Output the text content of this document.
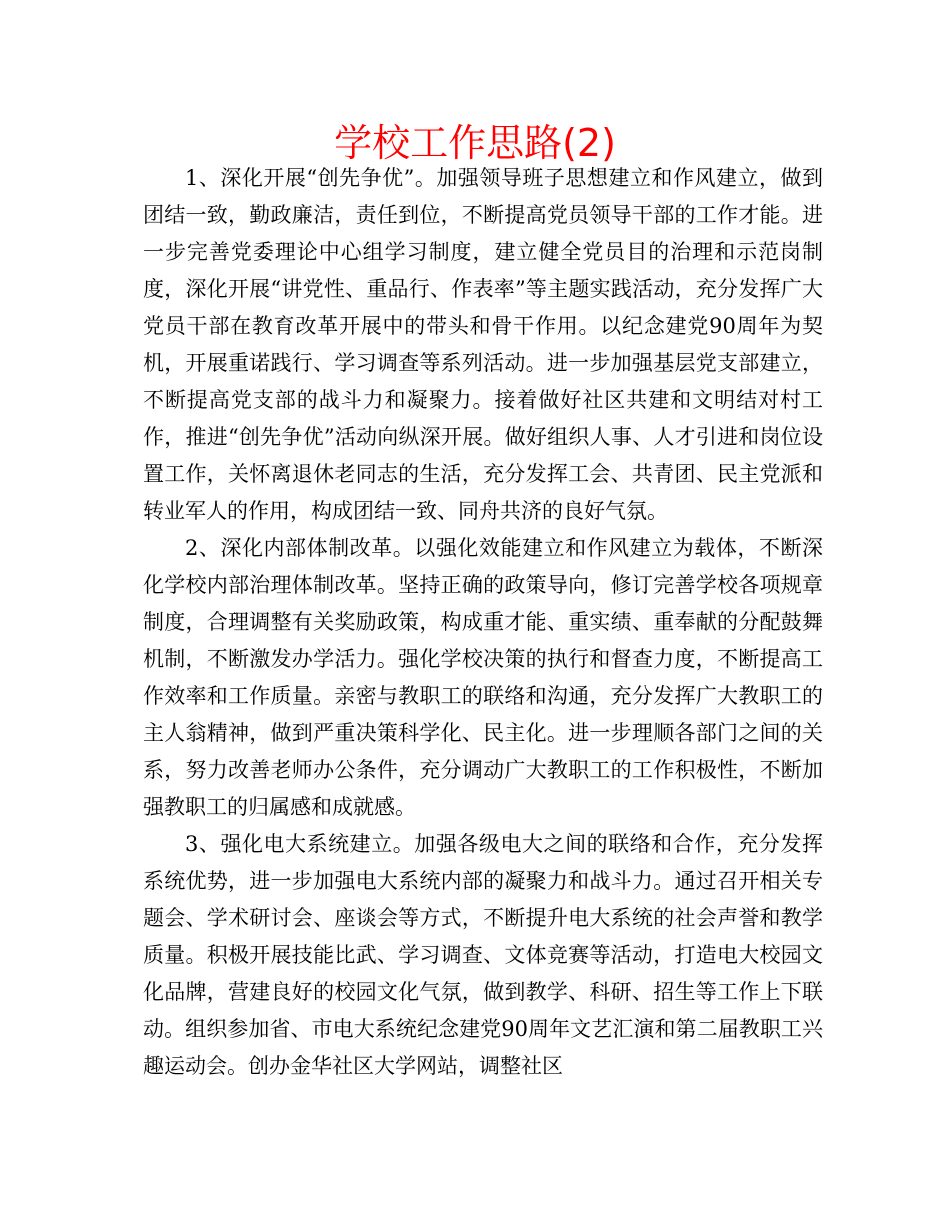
学校工作思路(2)

1、深化开展“创先争优”。加强领导班子思想建立和作风建立，做到团结一致，勤政廉洁，责任到位，不断提高党员领导干部的工作才能。进一步完善党委理论中心组学习制度，建立健全党员目的治理和示范岗制度，深化开展“讲党性、重品行、作表率”等主题实践活动，充分发挥广大党员干部在教育改革开展中的带头和骨干作用。以纪念建党90周年为契机，开展重诺践行、学习调查等系列活动。进一步加强基层党支部建立，不断提高党支部的战斗力和凝聚力。接着做好社区共建和文明结对村工作，推进“创先争优”活动向纵深开展。做好组织人事、人才引进和岗位设置工作，关怀离退休老同志的生活，充分发挥工会、共青团、民主党派和转业军人的作用，构成团结一致、同舟共济的良好气氛。

2、深化内部体制改革。以强化效能建立和作风建立为载体，不断深化学校内部治理体制改革。坚持正确的政策导向，修订完善学校各项规章制度，合理调整有关奖励政策，构成重才能、重实绩、重奉献的分配鼓舞机制，不断激发办学活力。强化学校决策的执行和督查力度，不断提高工作效率和工作质量。亲密与教职工的联络和沟通，充分发挥广大教职工的主人翁精神，做到严重决策科学化、民主化。进一步理顺各部门之间的关系，努力改善老师办公条件，充分调动广大教职工的工作积极性，不断加强教职工的归属感和成就感。

3、强化电大系统建立。加强各级电大之间的联络和合作，充分发挥系统优势，进一步加强电大系统内部的凝聚力和战斗力。通过召开相关专题会、学术研讨会、座谈会等方式，不断提升电大系统的社会声誉和教学质量。积极开展技能比武、学习调查、文体竞赛等活动，打造电大校园文化品牌，营建良好的校园文化气氛，做到教学、科研、招生等工作上下联动。组织参加省、市电大系统纪念建党90周年文艺汇演和第二届教职工兴趣运动会。创办金华社区大学网站，调整社区
